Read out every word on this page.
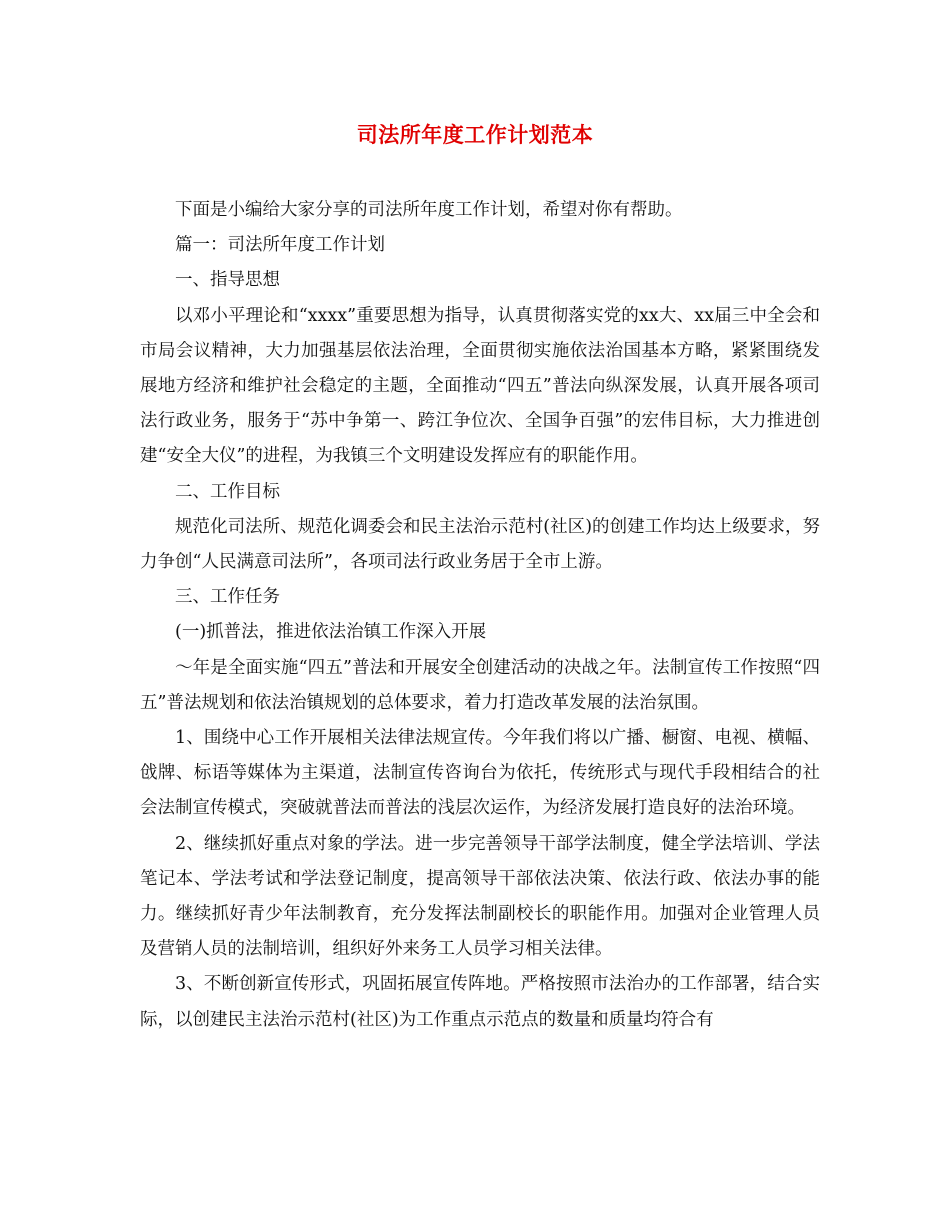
司法所年度工作计划范本

下面是小编给大家分享的司法所年度工作计划，希望对你有帮助。

篇一：司法所年度工作计划

一、指导思想

以邓小平理论和“xxxx”重要思想为指导，认真贯彻落实党的xx大、xx届三中全会和市局会议精神，大力加强基层依法治理，全面贯彻实施依法治国基本方略，紧紧围绕发展地方经济和维护社会稳定的主题，全面推动“四五”普法向纵深发展，认真开展各项司法行政业务，服务于“苏中争第一、跨江争位次、全国争百强”的宏伟目标，大力推进创建“安全大仪”的进程，为我镇三个文明建设发挥应有的职能作用。

二、工作目标

规范化司法所、规范化调委会和民主法治示范村(社区)的创建工作均达上级要求，努力争创“人民满意司法所”，各项司法行政业务居于全市上游。

三、工作任务

(一)抓普法，推进依法治镇工作深入开展

～年是全面实施“四五”普法和开展安全创建活动的决战之年。法制宣传工作按照“四五”普法规划和依法治镇规划的总体要求，着力打造改革发展的法治氛围。

1、围绕中心工作开展相关法律法规宣传。今年我们将以广播、橱窗、电视、横幅、戗牌、标语等媒体为主渠道，法制宣传咨询台为依托，传统形式与现代手段相结合的社会法制宣传模式，突破就普法而普法的浅层次运作，为经济发展打造良好的法治环境。

2、继续抓好重点对象的学法。进一步完善领导干部学法制度，健全学法培训、学法笔记本、学法考试和学法登记制度，提高领导干部依法决策、依法行政、依法办事的能力。继续抓好青少年法制教育，充分发挥法制副校长的职能作用。加强对企业管理人员及营销人员的法制培训，组织好外来务工人员学习相关法律。

3、不断创新宣传形式，巩固拓展宣传阵地。严格按照市法治办的工作部署，结合实际，以创建民主法治示范村(社区)为工作重点示范点的数量和质量均符合有
